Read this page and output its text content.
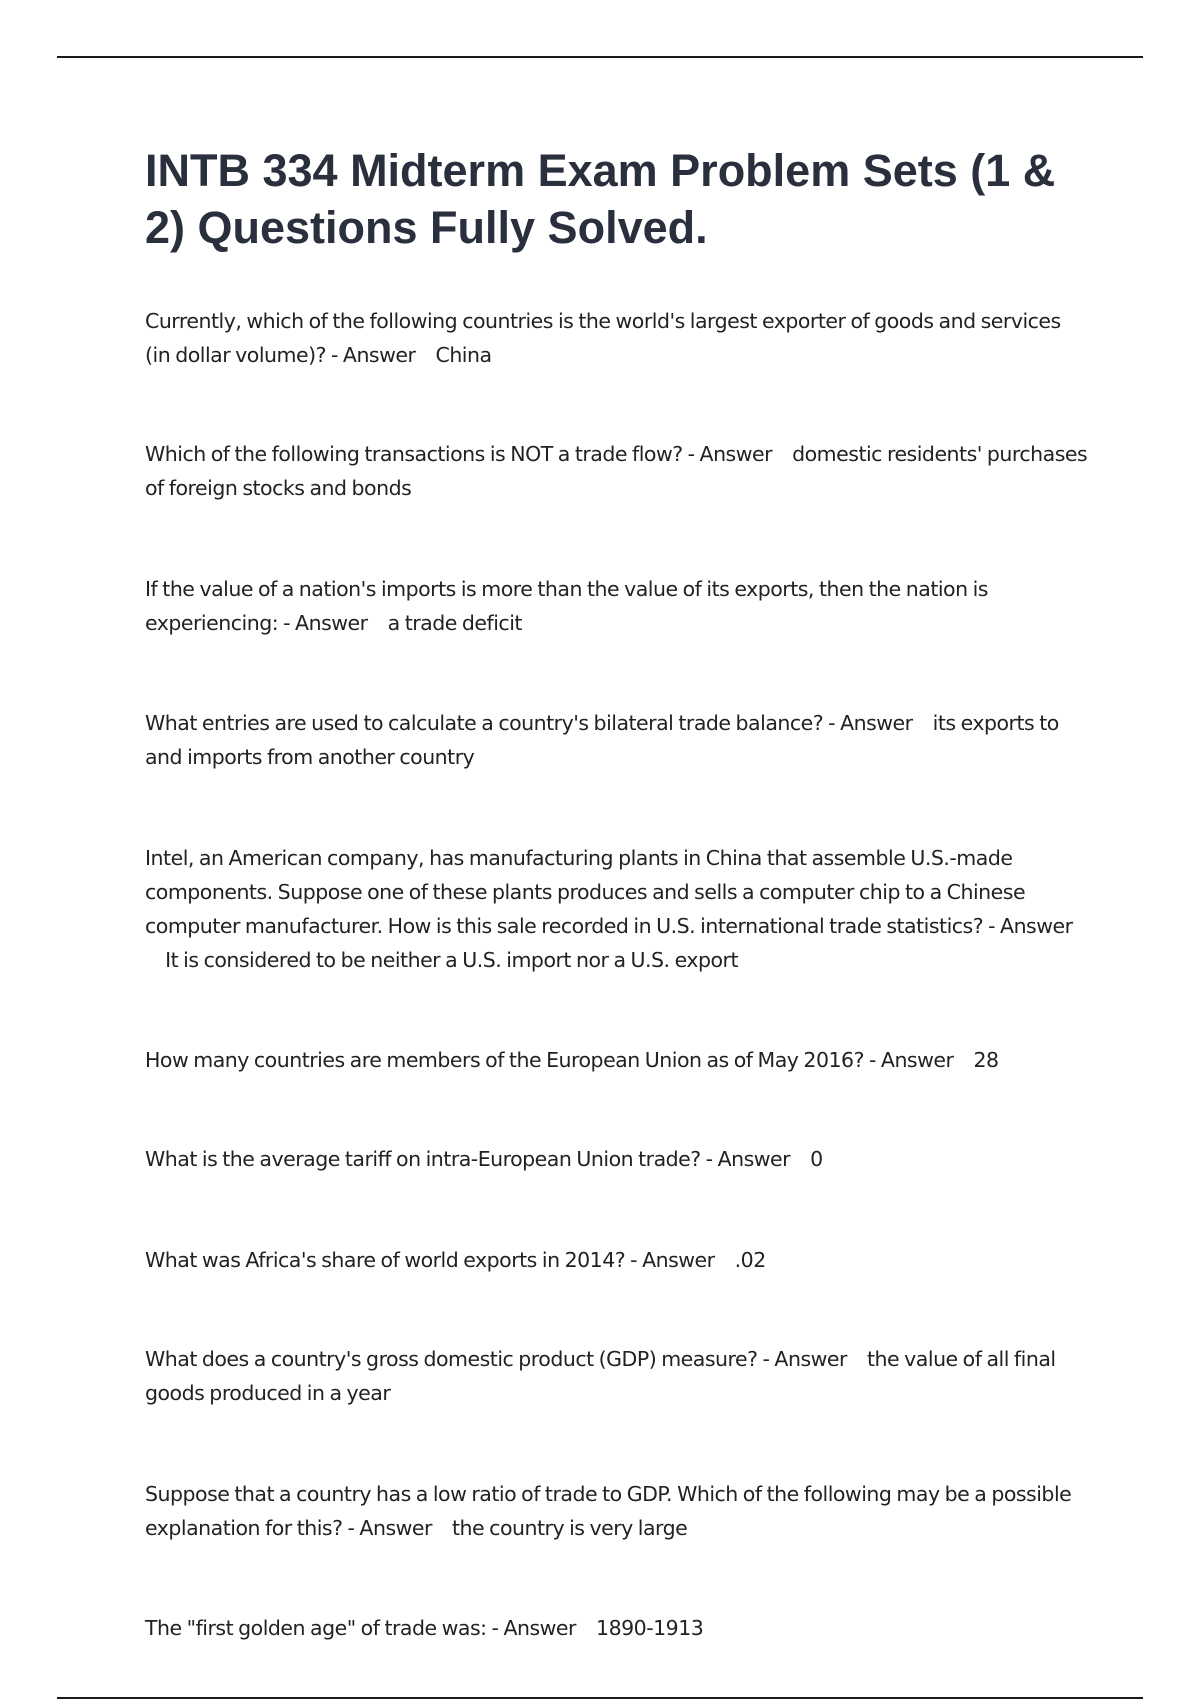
INTB 334 Midterm Exam Problem Sets (1 & 2) Questions Fully Solved.

Currently, which of the following countries is the world's largest exporter of goods and services (in dollar volume)? - Answer China

Which of the following transactions is NOT a trade flow? - Answer domestic residents' purchases of foreign stocks and bonds

If the value of a nation's imports is more than the value of its exports, then the nation is experiencing: - Answer a trade deficit

What entries are used to calculate a country's bilateral trade balance? - Answer its exports to and imports from another country

Intel, an American company, has manufacturing plants in China that assemble U.S.-made components. Suppose one of these plants produces and sells a computer chip to a Chinese computer manufacturer. How is this sale recorded in U.S. international trade statistics? - Answer    It is considered to be neither a U.S. import nor a U.S. export

How many countries are members of the European Union as of May 2016? - Answer 28

What is the average tariff on intra-European Union trade? - Answer 0

What was Africa's share of world exports in 2014? - Answer .02

What does a country's gross domestic product (GDP) measure? - Answer the value of all final goods produced in a year

Suppose that a country has a low ratio of trade to GDP. Which of the following may be a possible explanation for this? - Answer the country is very large

The "first golden age" of trade was: - Answer 1890-1913
